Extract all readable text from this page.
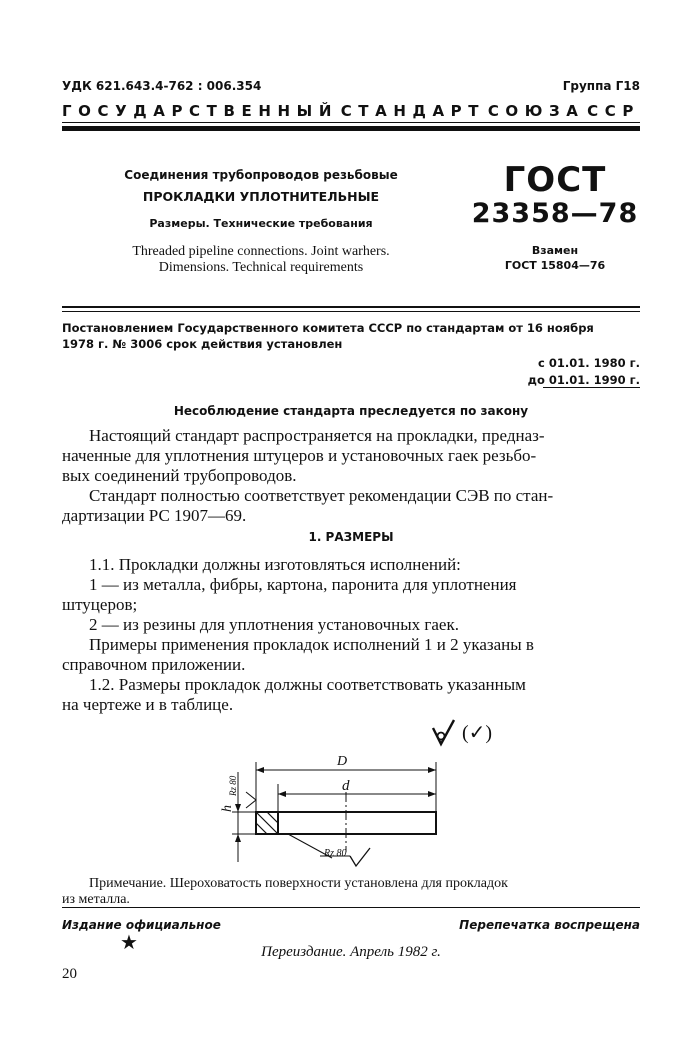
УДК 621.643.4-762 : 006.354	Группа Г18
ГОСУДАРСТВЕННЫЙ СТАНДАРТ СОЮЗА ССР
Соединения трубопроводов резьбовые
ПРОКЛАДКИ УПЛОТНИТЕЛЬНЫЕ
Размеры. Технические требования
Threaded pipeline connections. Joint warhers.
Dimensions. Technical requirements
ГОСТ
23358—78
Взамен
ГОСТ 15804—76
Постановлением Государственного комитета СССР по стандартам от 16 ноября
1978 г. № 3006 срок действия установлен
с 01.01. 1980 г.
до 01.01. 1990 г.
Несоблюдение стандарта преследуется по закону
Настоящий стандарт распространяется на прокладки, предназ-
наченные для уплотнения штуцеров и установочных гаек резьбо-
вых соединений трубопроводов.
Стандарт полностью соответствует рекомендации СЭВ по стан-
дартизации РС 1907—69.
1. РАЗМЕРЫ
1.1. Прокладки должны изготовляться исполнений:
1 — из металла, фибры, картона, паронита для уплотнения
штуцеров;
2 — из резины для уплотнения установочных гаек.
Примеры применения прокладок исполнений 1 и 2 указаны в
справочном приложении.
1.2. Размеры прокладок должны соответствовать указанным
на чертеже и в таблице.
(✓)
D
d
h
Rz 80
Rz 80
Примечание. Шероховатость поверхности установлена для прокладок
из металла.
Издание официальное	Перепечатка воспрещена
★	Переиздание. Апрель 1982 г.
20
